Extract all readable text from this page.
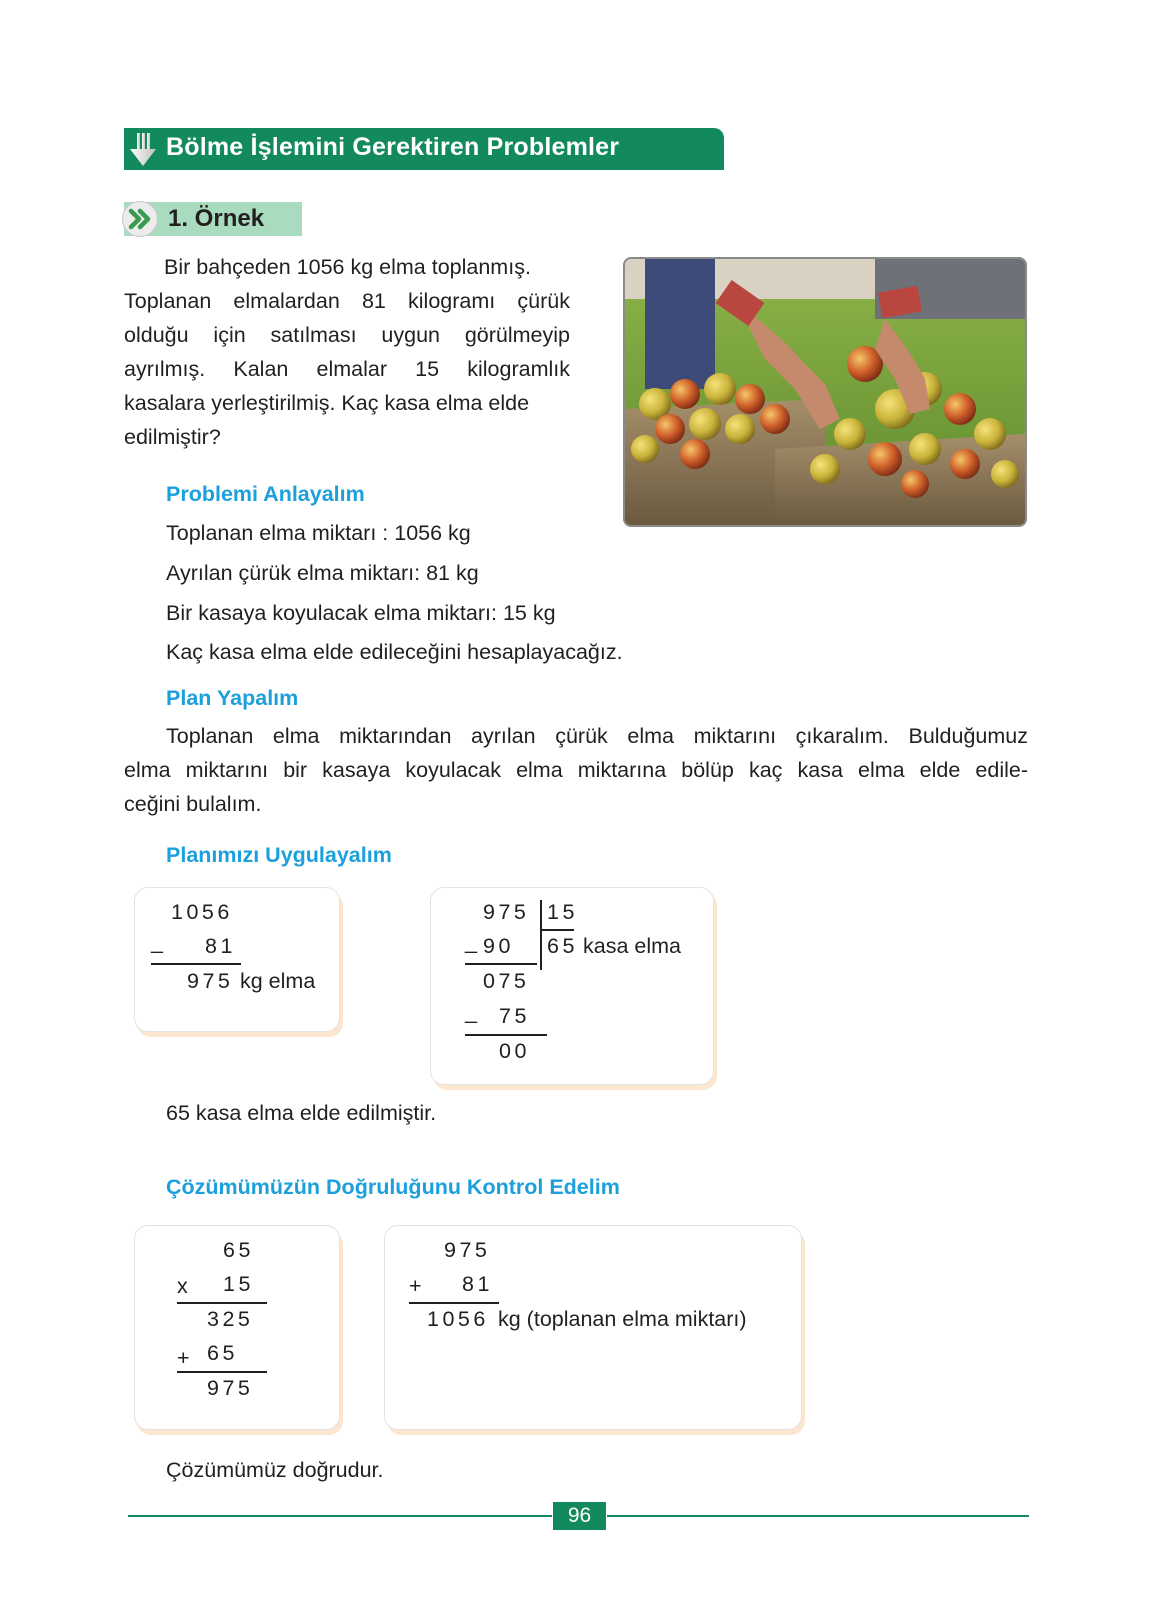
Bölme İşlemini Gerektiren Problemler
1. Örnek
Bir bahçeden 1056 kg elma toplanmış.
Toplanan elmalardan 81 kilogramı çürük
olduğu için satılması uygun görülmeyip
ayrılmış. Kalan elmalar 15 kilogramlık
kasalara yerleştirilmiş. Kaç kasa elma elde
edilmiştir?
Problemi Anlayalım
Toplanan elma miktarı : 1056 kg
Ayrılan çürük elma miktarı: 81 kg
Bir kasaya koyulacak elma miktarı: 15 kg
Kaç kasa elma elde edileceğini hesaplayacağız.
Plan Yapalım
Toplanan elma miktarından ayrılan çürük elma miktarını çıkaralım. Bulduğumuz
elma miktarını bir kasaya koyulacak elma miktarına bölüp kaç kasa elma elde edile-
ceğini bulalım.
Planımızı Uygulayalım
1056
_ 81
975 kg elma
975 15
_ 90 65 kasa elma
075
_ 75
00
65 kasa elma elde edilmiştir.
Çözümümüzün Doğruluğunu Kontrol Edelim
65
x 15
325
+ 65
975
975
+ 81
1056 kg (toplanan elma miktarı)
Çözümümüz doğrudur.
96
